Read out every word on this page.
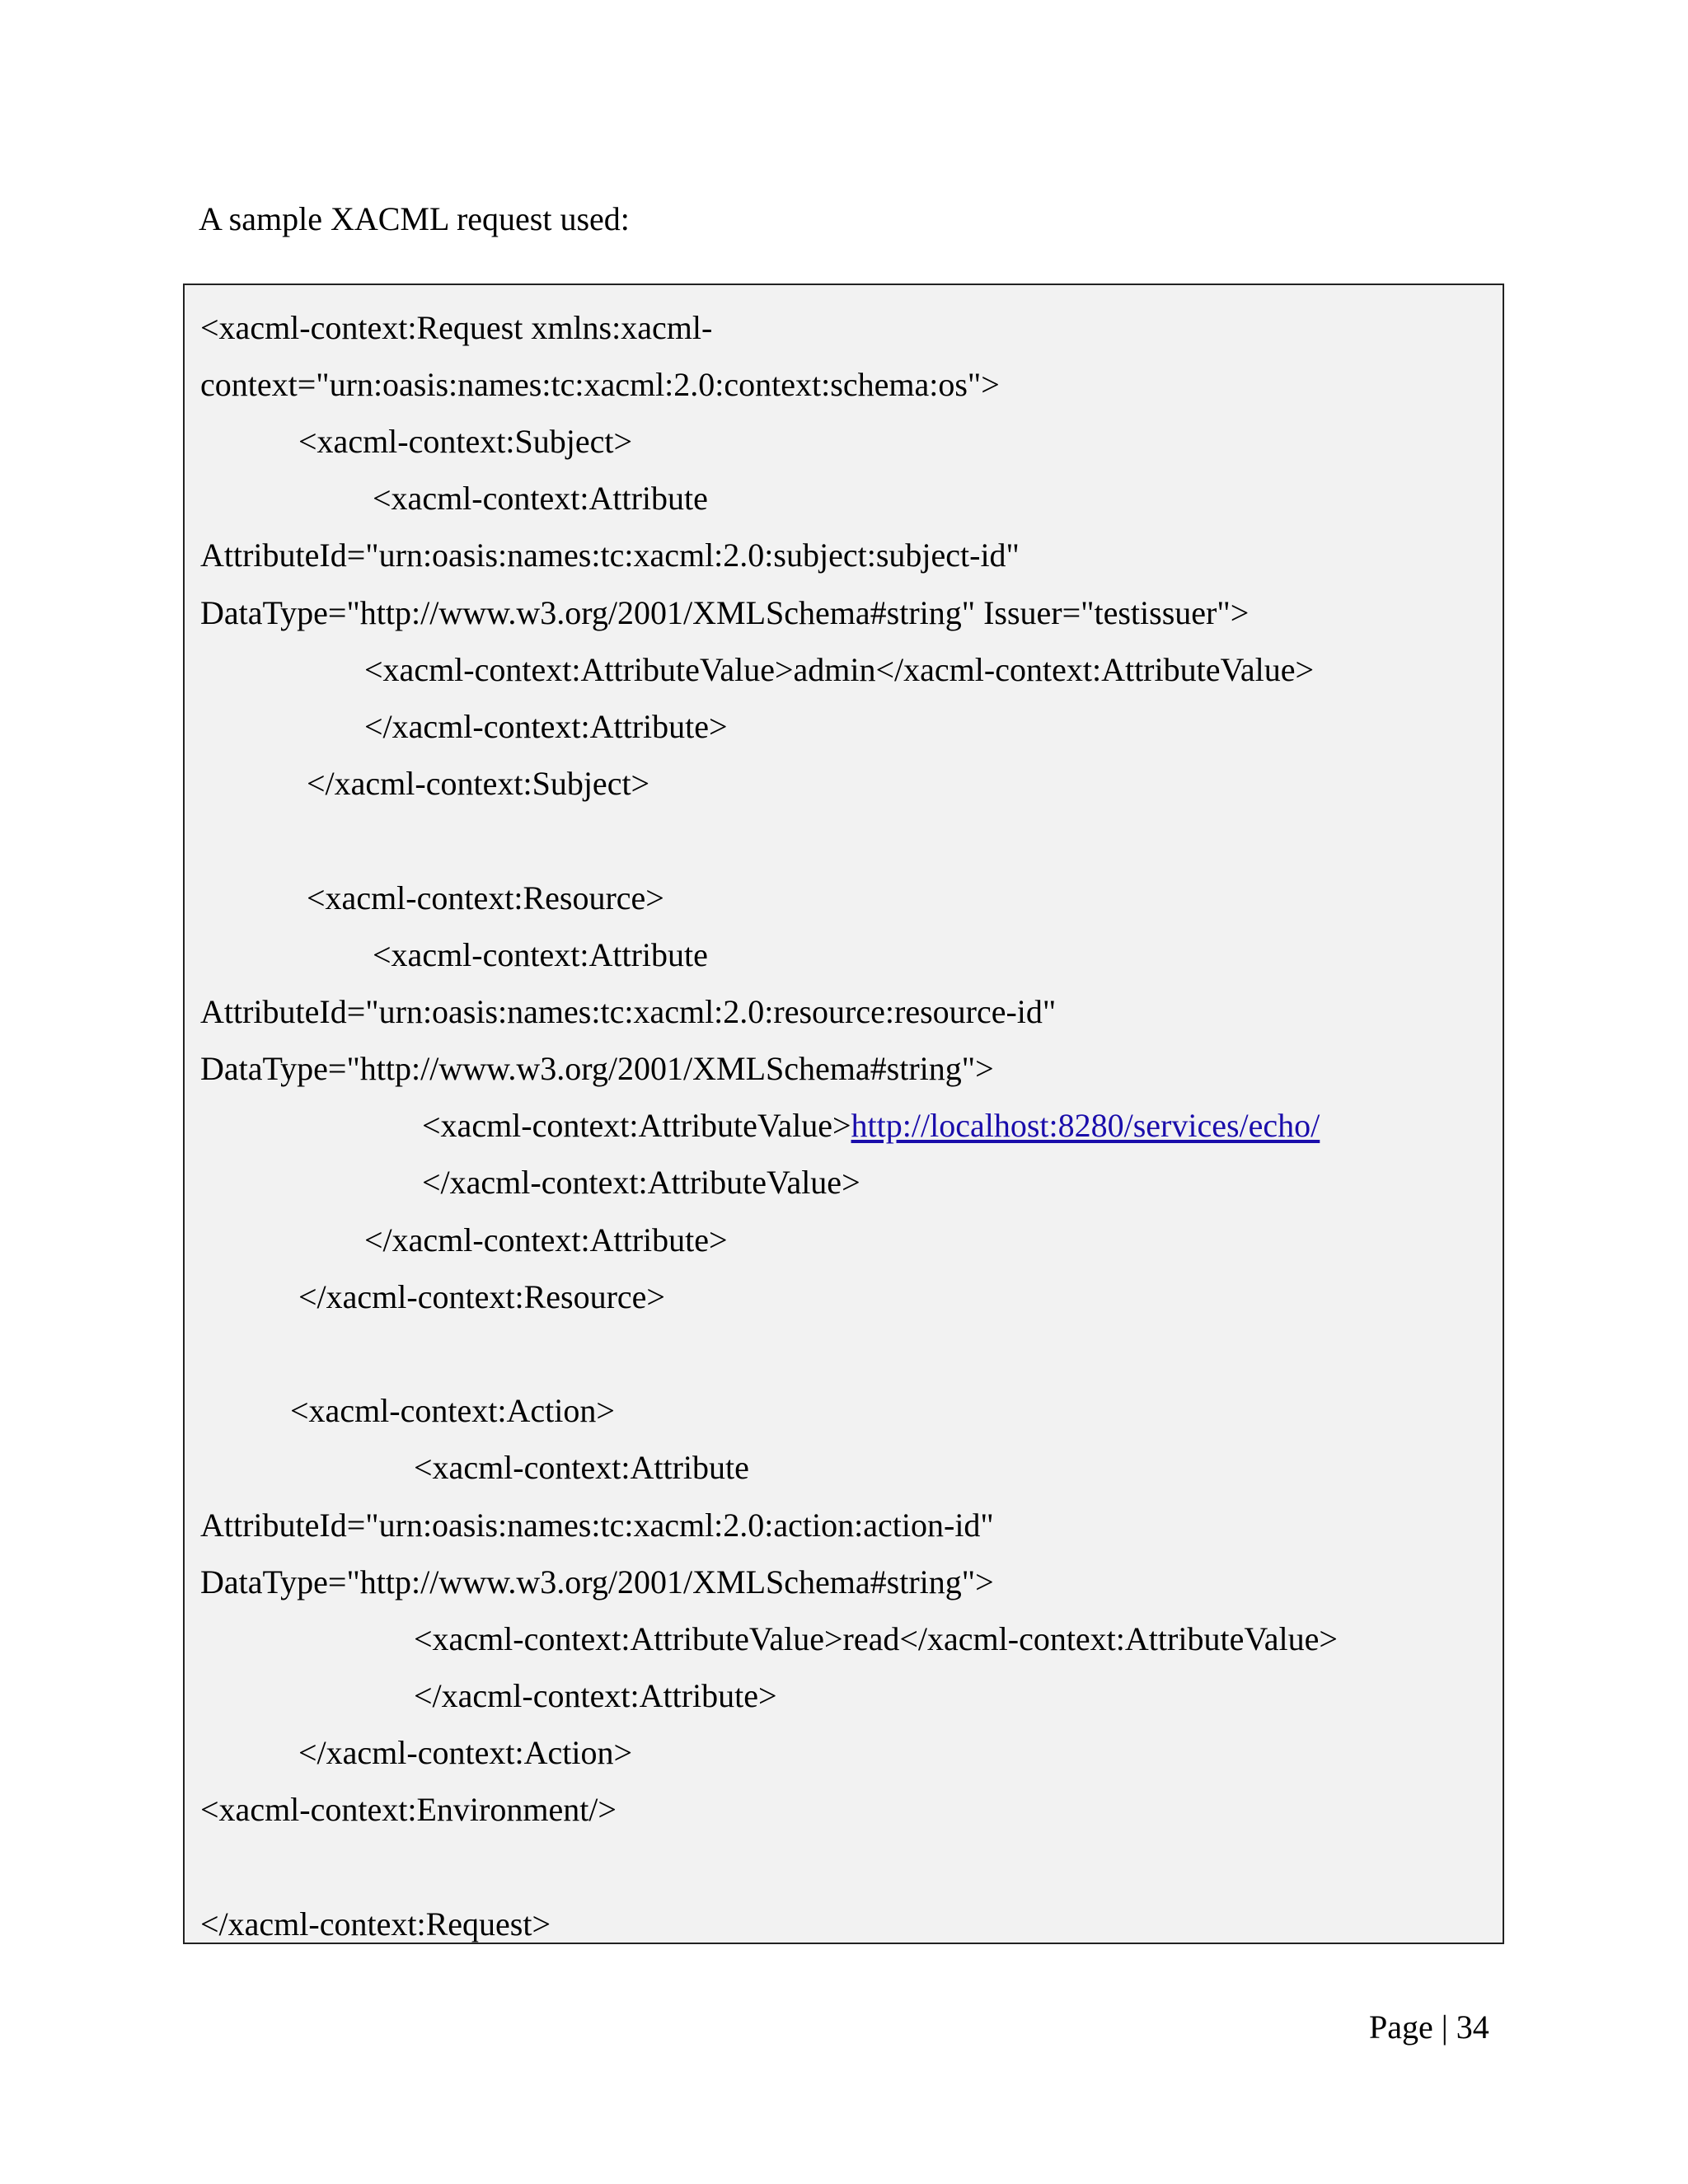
A sample XACML request used:
<xacml-context:Request xmlns:xacml-
context="urn:oasis:names:tc:xacml:2.0:context:schema:os">
<xacml-context:Subject>
<xacml-context:Attribute
AttributeId="urn:oasis:names:tc:xacml:2.0:subject:subject-id"
DataType="http://www.w3.org/2001/XMLSchema#string" Issuer="testissuer">
<xacml-context:AttributeValue>admin</xacml-context:AttributeValue>
</xacml-context:Attribute>
</xacml-context:Subject>
<xacml-context:Resource>
<xacml-context:Attribute
AttributeId="urn:oasis:names:tc:xacml:2.0:resource:resource-id"
DataType="http://www.w3.org/2001/XMLSchema#string">
<xacml-context:AttributeValue>http://localhost:8280/services/echo/
</xacml-context:AttributeValue>
</xacml-context:Attribute>
</xacml-context:Resource>
<xacml-context:Action>
<xacml-context:Attribute
AttributeId="urn:oasis:names:tc:xacml:2.0:action:action-id"
DataType="http://www.w3.org/2001/XMLSchema#string">
<xacml-context:AttributeValue>read</xacml-context:AttributeValue>
</xacml-context:Attribute>
</xacml-context:Action>
<xacml-context:Environment/>
</xacml-context:Request>
Page | 34
